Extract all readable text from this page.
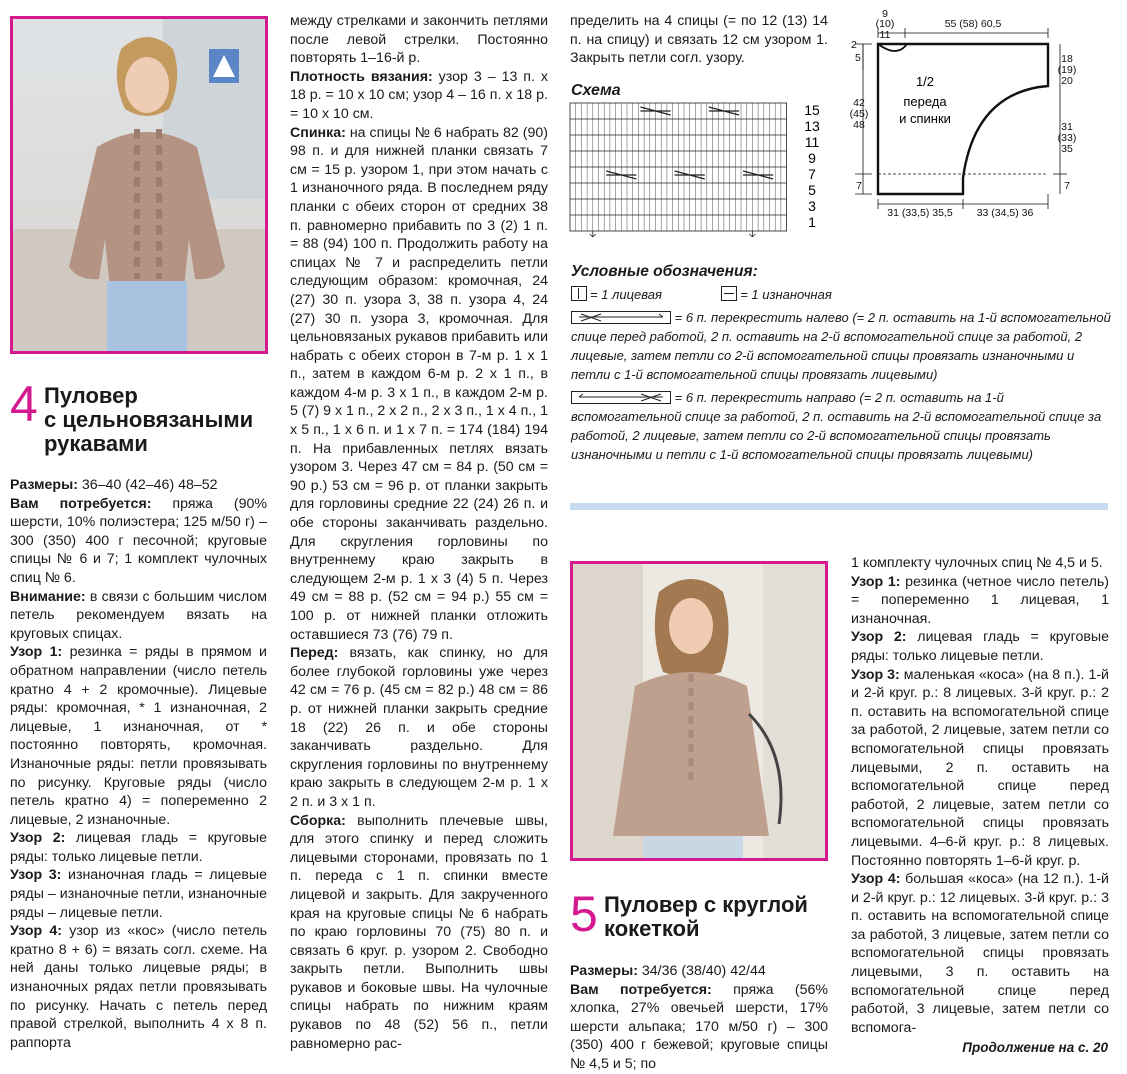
4 Пуловер
с цельновязаными
рукавами

Размеры: 36–40 (42–46) 48–52

Вам потребуется: пряжа (90% шерсти, 10% полиэстера; 125 м/50 г) – 300 (350) 400 г песочной; круговые спицы № 6 и 7; 1 комплект чулочных спиц № 6.

Внимание: в связи с большим числом петель рекомендуем вязать на круговых спицах.

Узор 1: резинка = ряды в прямом и обратном направлении (число петель кратно 4 + 2 кромочные). Лицевые ряды: кромочная, * 1 изнаночная, 2 лицевые, 1 изнаночная, от * постоянно повторять, кромочная. Изнаночные ряды: петли провязывать по рисунку. Круговые ряды (число петель кратно 4) = попеременно 2 лицевые, 2 изнаночные.

Узор 2: лицевая гладь = круговые ряды: только лицевые петли.

Узор 3: изнаночная гладь = лицевые ряды – изнаночные петли, изнаночные ряды – лицевые петли.

Узор 4: узор из «кос» (число петель кратно 8 + 6) = вязать согл. схеме. На ней даны только лицевые ряды; в изнаночных рядах петли провязывать по рисунку. Начать с петель перед правой стрелкой, выполнить 4 х 8 п. раппорта

между стрелками и закончить петлями после левой стрелки. Постоянно повторять 1–16-й р.

Плотность вязания: узор 3 – 13 п. х 18 р. = 10 х 10 см; узор 4 – 16 п. х 18 р. = 10 х 10 см.

Спинка: на спицы № 6 набрать 82 (90) 98 п. и для нижней планки связать 7 см = 15 р. узором 1, при этом начать с 1 изнаночного ряда. В последнем ряду планки с обеих сторон от средних 38 п. равномерно прибавить по 3 (2) 1 п. = 88 (94) 100 п. Продолжить работу на спицах № 7 и распределить петли следующим образом: кромочная, 24 (27) 30 п. узора 3, 38 п. узора 4, 24 (27) 30 п. узора 3, кромочная. Для цельновязаных рукавов прибавить или набрать с обеих сторон в 7-м р. 1 х 1 п., затем в каждом 6-м р. 2 х 1 п., в каждом 4-м р. 3 х 1 п., в каждом 2-м р. 5 (7) 9 х 1 п., 2 х 2 п., 2 х 3 п., 1 х 4 п., 1 х 5 п., 1 х 6 п. и 1 х 7 п. = 174 (184) 194 п. На прибавленных петлях вязать узором 3. Через 47 см = 84 р. (50 см = 90 р.) 53 см = 96 р. от планки закрыть для горловины средние 22 (24) 26 п. и обе стороны заканчивать раздельно. Для скругления горловины по внутреннему краю закрыть в следующем 2-м р. 1 х 3 (4) 5 п. Через 49 см = 88 р. (52 см = 94 р.) 55 см = 100 р. от нижней планки отложить оставшиеся 73 (76) 79 п.

Перед: вязать, как спинку, но для более глубокой горловины уже через 42 см = 76 р. (45 см = 82 р.) 48 см = 86 р. от нижней планки закрыть средние 18 (22) 26 п. и обе стороны заканчивать раздельно. Для скругления горловины по внутреннему краю закрыть в следующем 2-м р. 1 х 2 п. и 3 х 1 п.

Сборка: выполнить плечевые швы, для этого спинку и перед сложить лицевыми сторонами, провязать по 1 п. переда с 1 п. спинки вместе лицевой и закрыть. Для закрученного края на круговые спицы № 6 набрать по краю горловины 70 (75) 80 п. и связать 6 круг. р. узором 2. Свободно закрыть петли. Выполнить швы рукавов и боковые швы. На чулочные спицы набрать по нижним краям рукавов по 48 (52) 56 п., петли равномерно рас-

пределить на 4 спицы (= по 12 (13) 14 п. на спицу) и связать 12 см узором 1. Закрыть петли согл. узору.
Схема
15
13
11
9
7
5
3
1
9
(10)
11
55 (58) 60,5
2
5	18
(19)
20
42
(45)
48	31
(33)
35
7	7
31 (33,5) 35,5 33 (34,5) 36
1/2
переда
и спинки
Условные обозначения:
= 1 лицевая	= 1 изнаночная
= 6 п. перекрестить налево (= 2 п. оставить на 1-й вспомогательной спице перед работой, 2 п. оставить на 2-й вспомогательной спице за работой, 2 лицевые, затем петли со 2-й вспомогательной спицы провязать изнаночными и петли с 1-й вспомогательной спицы провязать лицевыми)
= 6 п. перекрестить направо (= 2 п. оставить на 1-й вспомогательной спице за работой, 2 п. оставить на 2-й вспомогательной спице за работой, 2 лицевые, затем петли со 2-й вспомогательной спицы провязать изнаночными и петли с 1-й вспомогательной спицы провязать лицевыми)
5 Пуловер с круглой
кокеткой

Размеры: 34/36 (38/40) 42/44

Вам потребуется: пряжа (56% хлопка, 27% овечьей шерсти, 17% шерсти альпака; 170 м/50 г) – 300 (350) 400 г бежевой; круговые спицы № 4,5 и 5; по

1 комплекту чулочных спиц № 4,5 и 5.

Узор 1: резинка (четное число петель) = попеременно 1 лицевая, 1 изнаночная.

Узор 2: лицевая гладь = круговые ряды: только лицевые петли.

Узор 3: маленькая «коса» (на 8 п.). 1-й и 2-й круг. р.: 8 лицевых. 3-й круг. р.: 2 п. оставить на вспомогательной спице за работой, 2 лицевые, затем петли со вспомогательной спицы провязать лицевыми, 2 п. оставить на вспомогательной спице перед работой, 2 лицевые, затем петли со вспомогательной спицы провязать лицевыми. 4–6-й круг. р.: 8 лицевых. Постоянно повторять 1–6-й круг. р.

Узор 4: большая «коса» (на 12 п.). 1-й и 2-й круг. р.: 12 лицевых. 3-й круг. р.: 3 п. оставить на вспомогательной спице за работой, 3 лицевые, затем петли со вспомогательной спицы провязать лицевыми, 3 п. оставить на вспомогательной спице перед работой, 3 лицевые, затем петли со вспомога-

Продолжение на с. 20
